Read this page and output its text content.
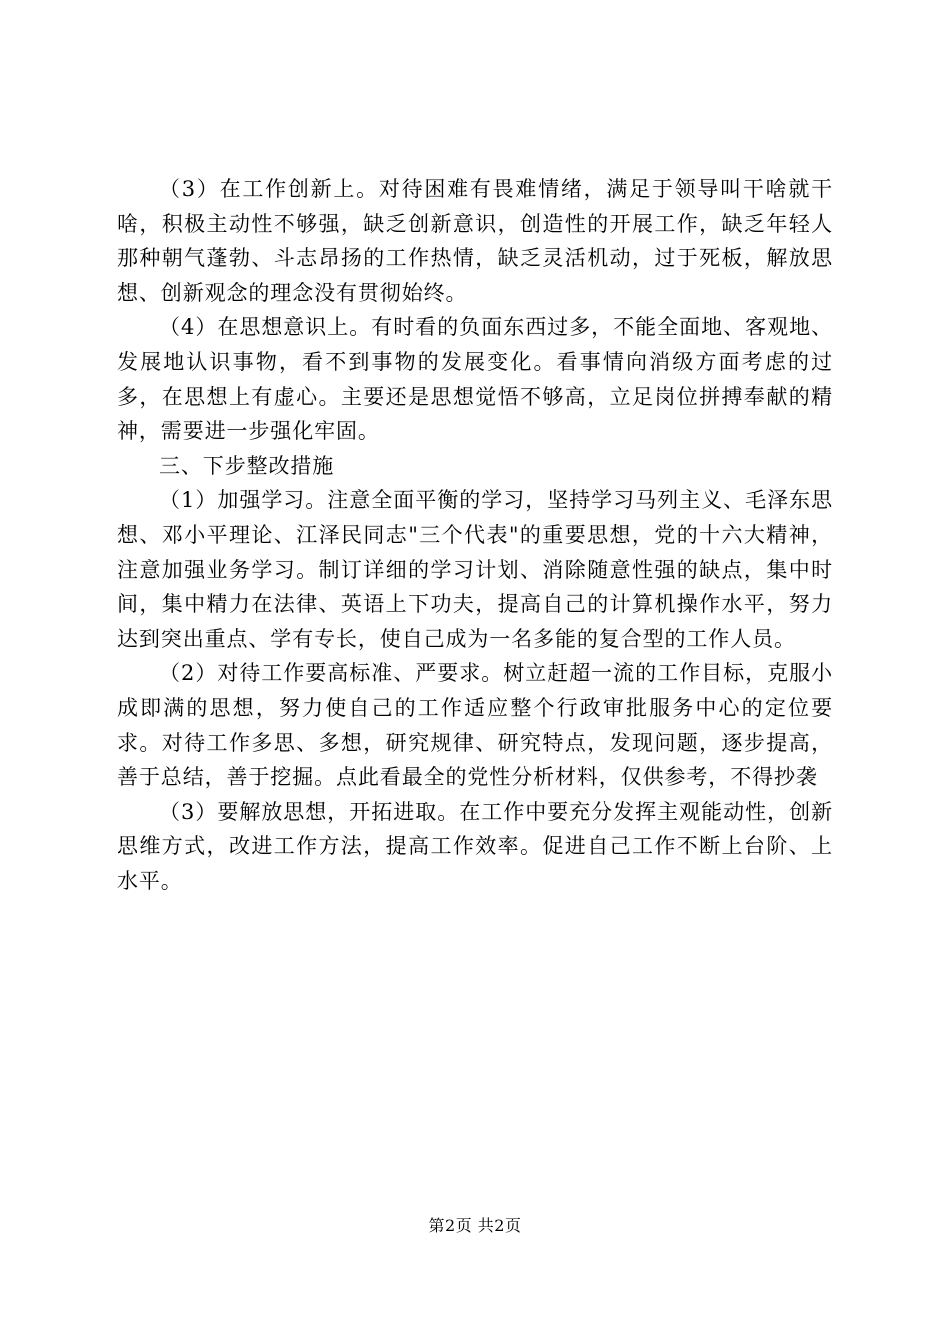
（3）在工作创新上。对待困难有畏难情绪，满足于领导叫干啥就干啥，积极主动性不够强，缺乏创新意识，创造性的开展工作，缺乏年轻人那种朝气蓬勃、斗志昂扬的工作热情，缺乏灵活机动，过于死板，解放思想、创新观念的理念没有贯彻始终。

（4）在思想意识上。有时看的负面东西过多，不能全面地、客观地、发展地认识事物，看不到事物的发展变化。看事情向消级方面考虑的过多，在思想上有虚心。主要还是思想觉悟不够高，立足岗位拼搏奉献的精神，需要进一步强化牢固。

三、下步整改措施

（1）加强学习。注意全面平衡的学习，坚持学习马列主义、毛泽东思想、邓小平理论、江泽民同志"三个代表"的重要思想，党的十六大精神，注意加强业务学习。制订详细的学习计划、消除随意性强的缺点，集中时间，集中精力在法律、英语上下功夫，提高自己的计算机操作水平，努力达到突出重点、学有专长，使自己成为一名多能的复合型的工作人员。

（2）对待工作要高标准、严要求。树立赶超一流的工作目标，克服小成即满的思想，努力使自己的工作适应整个行政审批服务中心的定位要求。对待工作多思、多想，研究规律、研究特点，发现问题，逐步提高，善于总结，善于挖掘。点此看最全的党性分析材料，仅供参考，不得抄袭

（3）要解放思想，开拓进取。在工作中要充分发挥主观能动性，创新思维方式，改进工作方法，提高工作效率。促进自己工作不断上台阶、上水平。

第2页 共2页
